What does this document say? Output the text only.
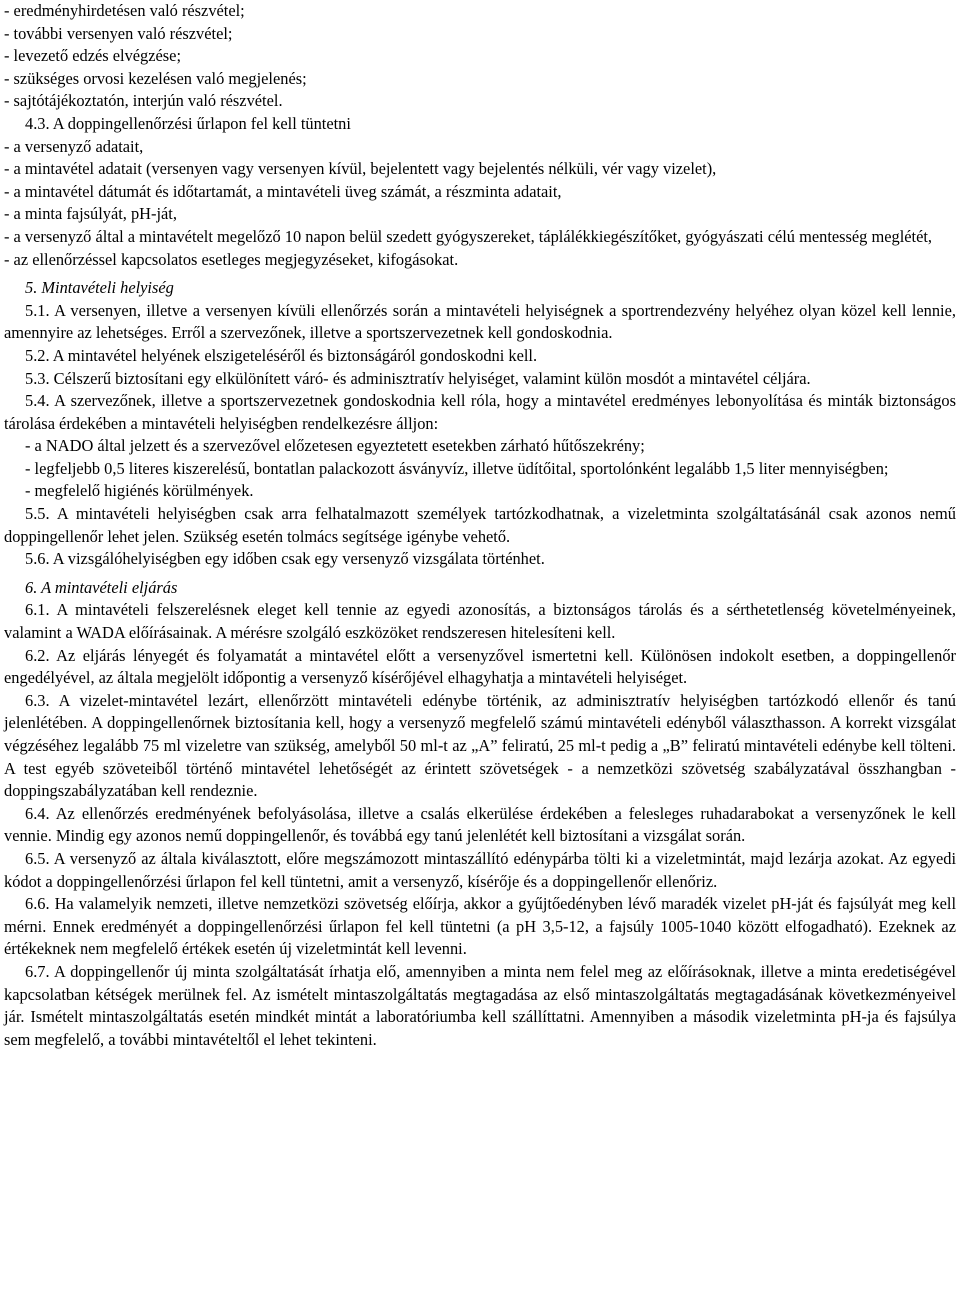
- eredményhirdetésen való részvétel;

- további versenyen való részvétel;

- levezető edzés elvégzése;

- szükséges orvosi kezelésen való megjelenés;

- sajtótájékoztatón, interjún való részvétel.

4.3. A doppingellenőrzési űrlapon fel kell tüntetni

- a versenyző adatait,

- a mintavétel adatait (versenyen vagy versenyen kívül, bejelentett vagy bejelentés nélküli, vér vagy vizelet),

- a mintavétel dátumát és időtartamát, a mintavételi üveg számát, a részminta adatait,

- a minta fajsúlyát, pH-ját,

- a versenyző által a mintavételt megelőző 10 napon belül szedett gyógyszereket, táplálékkiegészítőket, gyógyászati célú mentesség meglétét,

- az ellenőrzéssel kapcsolatos esetleges megjegyzéseket, kifogásokat.

5. Mintavételi helyiség

5.1. A versenyen, illetve a versenyen kívüli ellenőrzés során a mintavételi helyiségnek a sportrendezvény helyéhez olyan közel kell lennie, amennyire az lehetséges. Erről a szervezőnek, illetve a sportszervezetnek kell gondoskodnia.

5.2. A mintavétel helyének elszigeteléséről és biztonságáról gondoskodni kell.

5.3. Célszerű biztosítani egy elkülönített váró- és adminisztratív helyiséget, valamint külön mosdót a mintavétel céljára.

5.4. A szervezőnek, illetve a sportszervezetnek gondoskodnia kell róla, hogy a mintavétel eredményes lebonyolítása és minták biztonságos tárolása érdekében a mintavételi helyiségben rendelkezésre álljon:

- a NADO által jelzett és a szervezővel előzetesen egyeztetett esetekben zárható hűtőszekrény;

- legfeljebb 0,5 literes kiszerelésű, bontatlan palackozott ásványvíz, illetve üdítőital, sportolónként legalább 1,5 liter mennyiségben;

- megfelelő higiénés körülmények.

5.5. A mintavételi helyiségben csak arra felhatalmazott személyek tartózkodhatnak, a vizeletminta szolgáltatásánál csak azonos nemű doppingellenőr lehet jelen. Szükség esetén tolmács segítsége igénybe vehető.

5.6. A vizsgálóhelyiségben egy időben csak egy versenyző vizsgálata történhet.

6. A mintavételi eljárás

6.1. A mintavételi felszerelésnek eleget kell tennie az egyedi azonosítás, a biztonságos tárolás és a sérthetetlenség követelményeinek, valamint a WADA előírásainak. A mérésre szolgáló eszközöket rendszeresen hitelesíteni kell.

6.2. Az eljárás lényegét és folyamatát a mintavétel előtt a versenyzővel ismertetni kell. Különösen indokolt esetben, a doppingellenőr engedélyével, az általa megjelölt időpontig a versenyző kísérőjével elhagyhatja a mintavételi helyiséget.

6.3. A vizelet-mintavétel lezárt, ellenőrzött mintavételi edénybe történik, az adminisztratív helyiségben tartózkodó ellenőr és tanú jelenlétében. A doppingellenőrnek biztosítania kell, hogy a versenyző megfelelő számú mintavételi edényből választhasson. A korrekt vizsgálat végzéséhez legalább 75 ml vizeletre van szükség, amelyből 50 ml-t az „A” feliratú, 25 ml-t pedig a „B” feliratú mintavételi edénybe kell tölteni. A test egyéb szöveteiből történő mintavétel lehetőségét az érintett szövetségek - a nemzetközi szövetség szabályzatával összhangban - doppingszabályzatában kell rendeznie.

6.4. Az ellenőrzés eredményének befolyásolása, illetve a csalás elkerülése érdekében a felesleges ruhadarabokat a versenyzőnek le kell vennie. Mindig egy azonos nemű doppingellenőr, és továbbá egy tanú jelenlétét kell biztosítani a vizsgálat során.

6.5. A versenyző az általa kiválasztott, előre megszámozott mintaszállító edénypárba tölti ki a vizeletmintát, majd lezárja azokat. Az egyedi kódot a doppingellenőrzési űrlapon fel kell tüntetni, amit a versenyző, kísérője és a doppingellenőr ellenőriz.

6.6. Ha valamelyik nemzeti, illetve nemzetközi szövetség előírja, akkor a gyűjtőedényben lévő maradék vizelet pH-ját és fajsúlyát meg kell mérni. Ennek eredményét a doppingellenőrzési űrlapon fel kell tüntetni (a pH 3,5-12, a fajsúly 1005-1040 között elfogadható). Ezeknek az értékeknek nem megfelelő értékek esetén új vizeletmintát kell levenni.

6.7. A doppingellenőr új minta szolgáltatását írhatja elő, amennyiben a minta nem felel meg az előírásoknak, illetve a minta eredetiségével kapcsolatban kétségek merülnek fel. Az ismételt mintaszolgáltatás megtagadása az első mintaszolgáltatás megtagadásának következményeivel jár. Ismételt mintaszolgáltatás esetén mindkét mintát a laboratóriumba kell szállíttatni. Amennyiben a második vizeletminta pH-ja és fajsúlya sem megfelelő, a további mintavételtől el lehet tekinteni.
